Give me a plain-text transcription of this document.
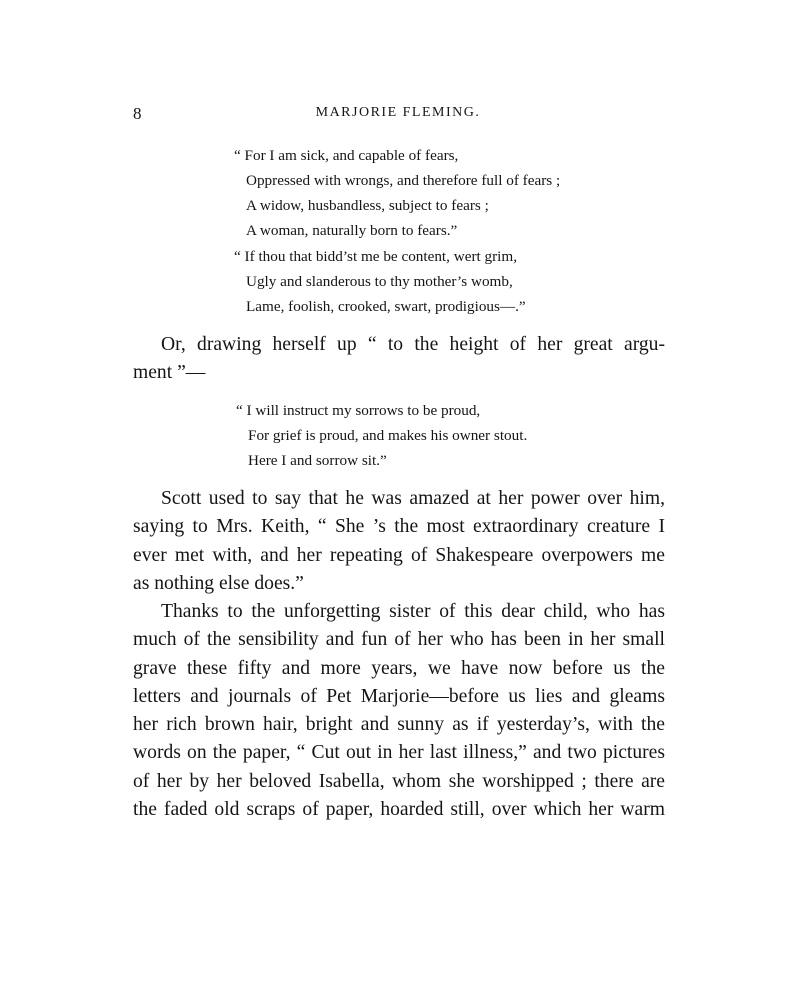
8	MARJORIE FLEMING.
“ For I am sick, and capable of fears,
Oppressed with wrongs, and therefore full of fears ;
A widow, husbandless, subject to fears ;
A woman, naturally born to fears.”
“ If thou that bidd’st me be content, wert grim,
Ugly and slanderous to thy mother’s womb,
Lame, foolish, crooked, swart, prodigious—.”
Or, drawing herself up “ to the height of her great argu-
ment ”—
“ I will instruct my sorrows to be proud,
For grief is proud, and makes his owner stout.
Here I and sorrow sit.”
Scott used to say that he was amazed at her power over him,
saying to Mrs. Keith, “ She ’s the most extraordinary creature I
ever met with, and her repeating of Shakespeare overpowers me
as nothing else does.”
Thanks to the unforgetting sister of this dear child, who has
much of the sensibility and fun of her who has been in her small
grave these fifty and more years, we have now before us the
letters and journals of Pet Marjorie—before us lies and gleams
her rich brown hair, bright and sunny as if yesterday’s, with the
words on the paper, “ Cut out in her last illness,” and two pictures
of her by her beloved Isabella, whom she worshipped ; there are
the faded old scraps of paper, hoarded still, over which her warm
